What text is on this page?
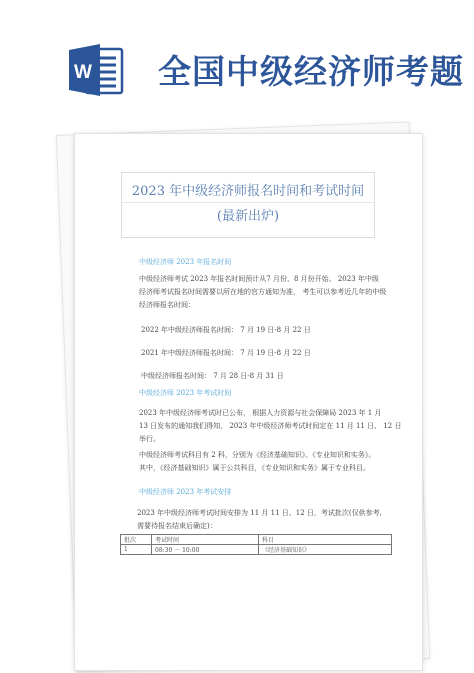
W 全国中级经济师考题
2023 年中级经济师报名时间和考试时间
(最新出炉)
中级经济师 2023 年报名时间
中级经济师考试 2023 年报名时间预计从7 月份、8 月份开始。 2023 年中级
经济师考试报名时间需要以所在地的官方通知为准， 考生可以参考近几年的中级
经济师报名时间：
2022 年中级经济师报名时间： 7 月 19 日-8 月 22 日
2021 年中级经济师报名时间： 7 月 19 日-8 月 22 日
中级经济师报名时间： 7 月 28 日-8 月 31 日
中级经济师 2023 年考试时间
2023 年中级经济师考试时已公布， 根据人力资源与社会保障局 2023 年 1 月
13 日发布的通知我们得知， 2023 年中级经济师考试时间定在 11 月 11 日、 12 日
举行。
中级经济师考试科目有 2 科，分别为《经济基础知识》、《专业知识和实务》。
其中，《经济基础知识》属于公共科目，《专业知识和实务》属于专业科目。
中级经济师 2023 年考试安排
2023 年中级经济师考试时间安排为 11 月 11 日、12 日，考试批次(仅供参考,
需要待报名结束后确定)：
批次	考试时间	科目
1	08:30 － 10:00	《经济基础知识》
